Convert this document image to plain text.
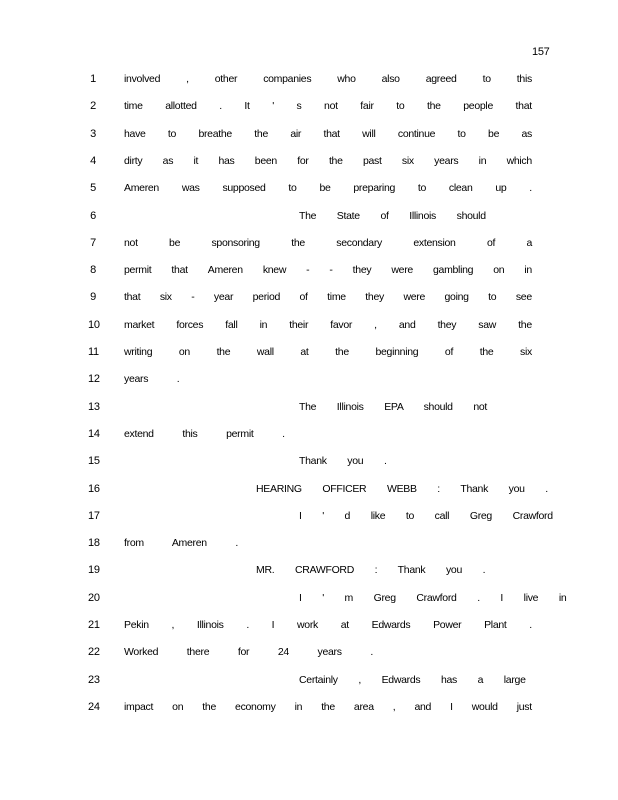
157
1	involved , other companies who also agreed to this
2	time allotted . It ' s not fair to the people that
3	have to breathe the air that will continue to be as
4	dirty as it has been for the past six years in which
5	Ameren was supposed to be preparing to clean up .
6	The State of Illinois should
7	not	be	sponsoring	the	secondary	extension	of	a
8	permit that Ameren knew - - they were gambling on in
9	that six - year period of time they were going to see
10 market forces fall in their favor , and they saw the
11 writing	on	the	wall	at	the	beginning	of	the	six
12 years .
13	The Illinois EPA should not
14 extend this permit .
15	Thank you .
16	HEARING OFFICER WEBB : Thank you .
17	I ' d like to call Greg Crawford
18 from Ameren .
19	MR. CRAWFORD : Thank you .
20	I ' m Greg Crawford . I live in
21 Pekin , Illinois . I work at Edwards Power Plant .
22 Worked there for 24 years .
23	Certainly , Edwards has a large
24 impact on the economy in the area , and I would just
